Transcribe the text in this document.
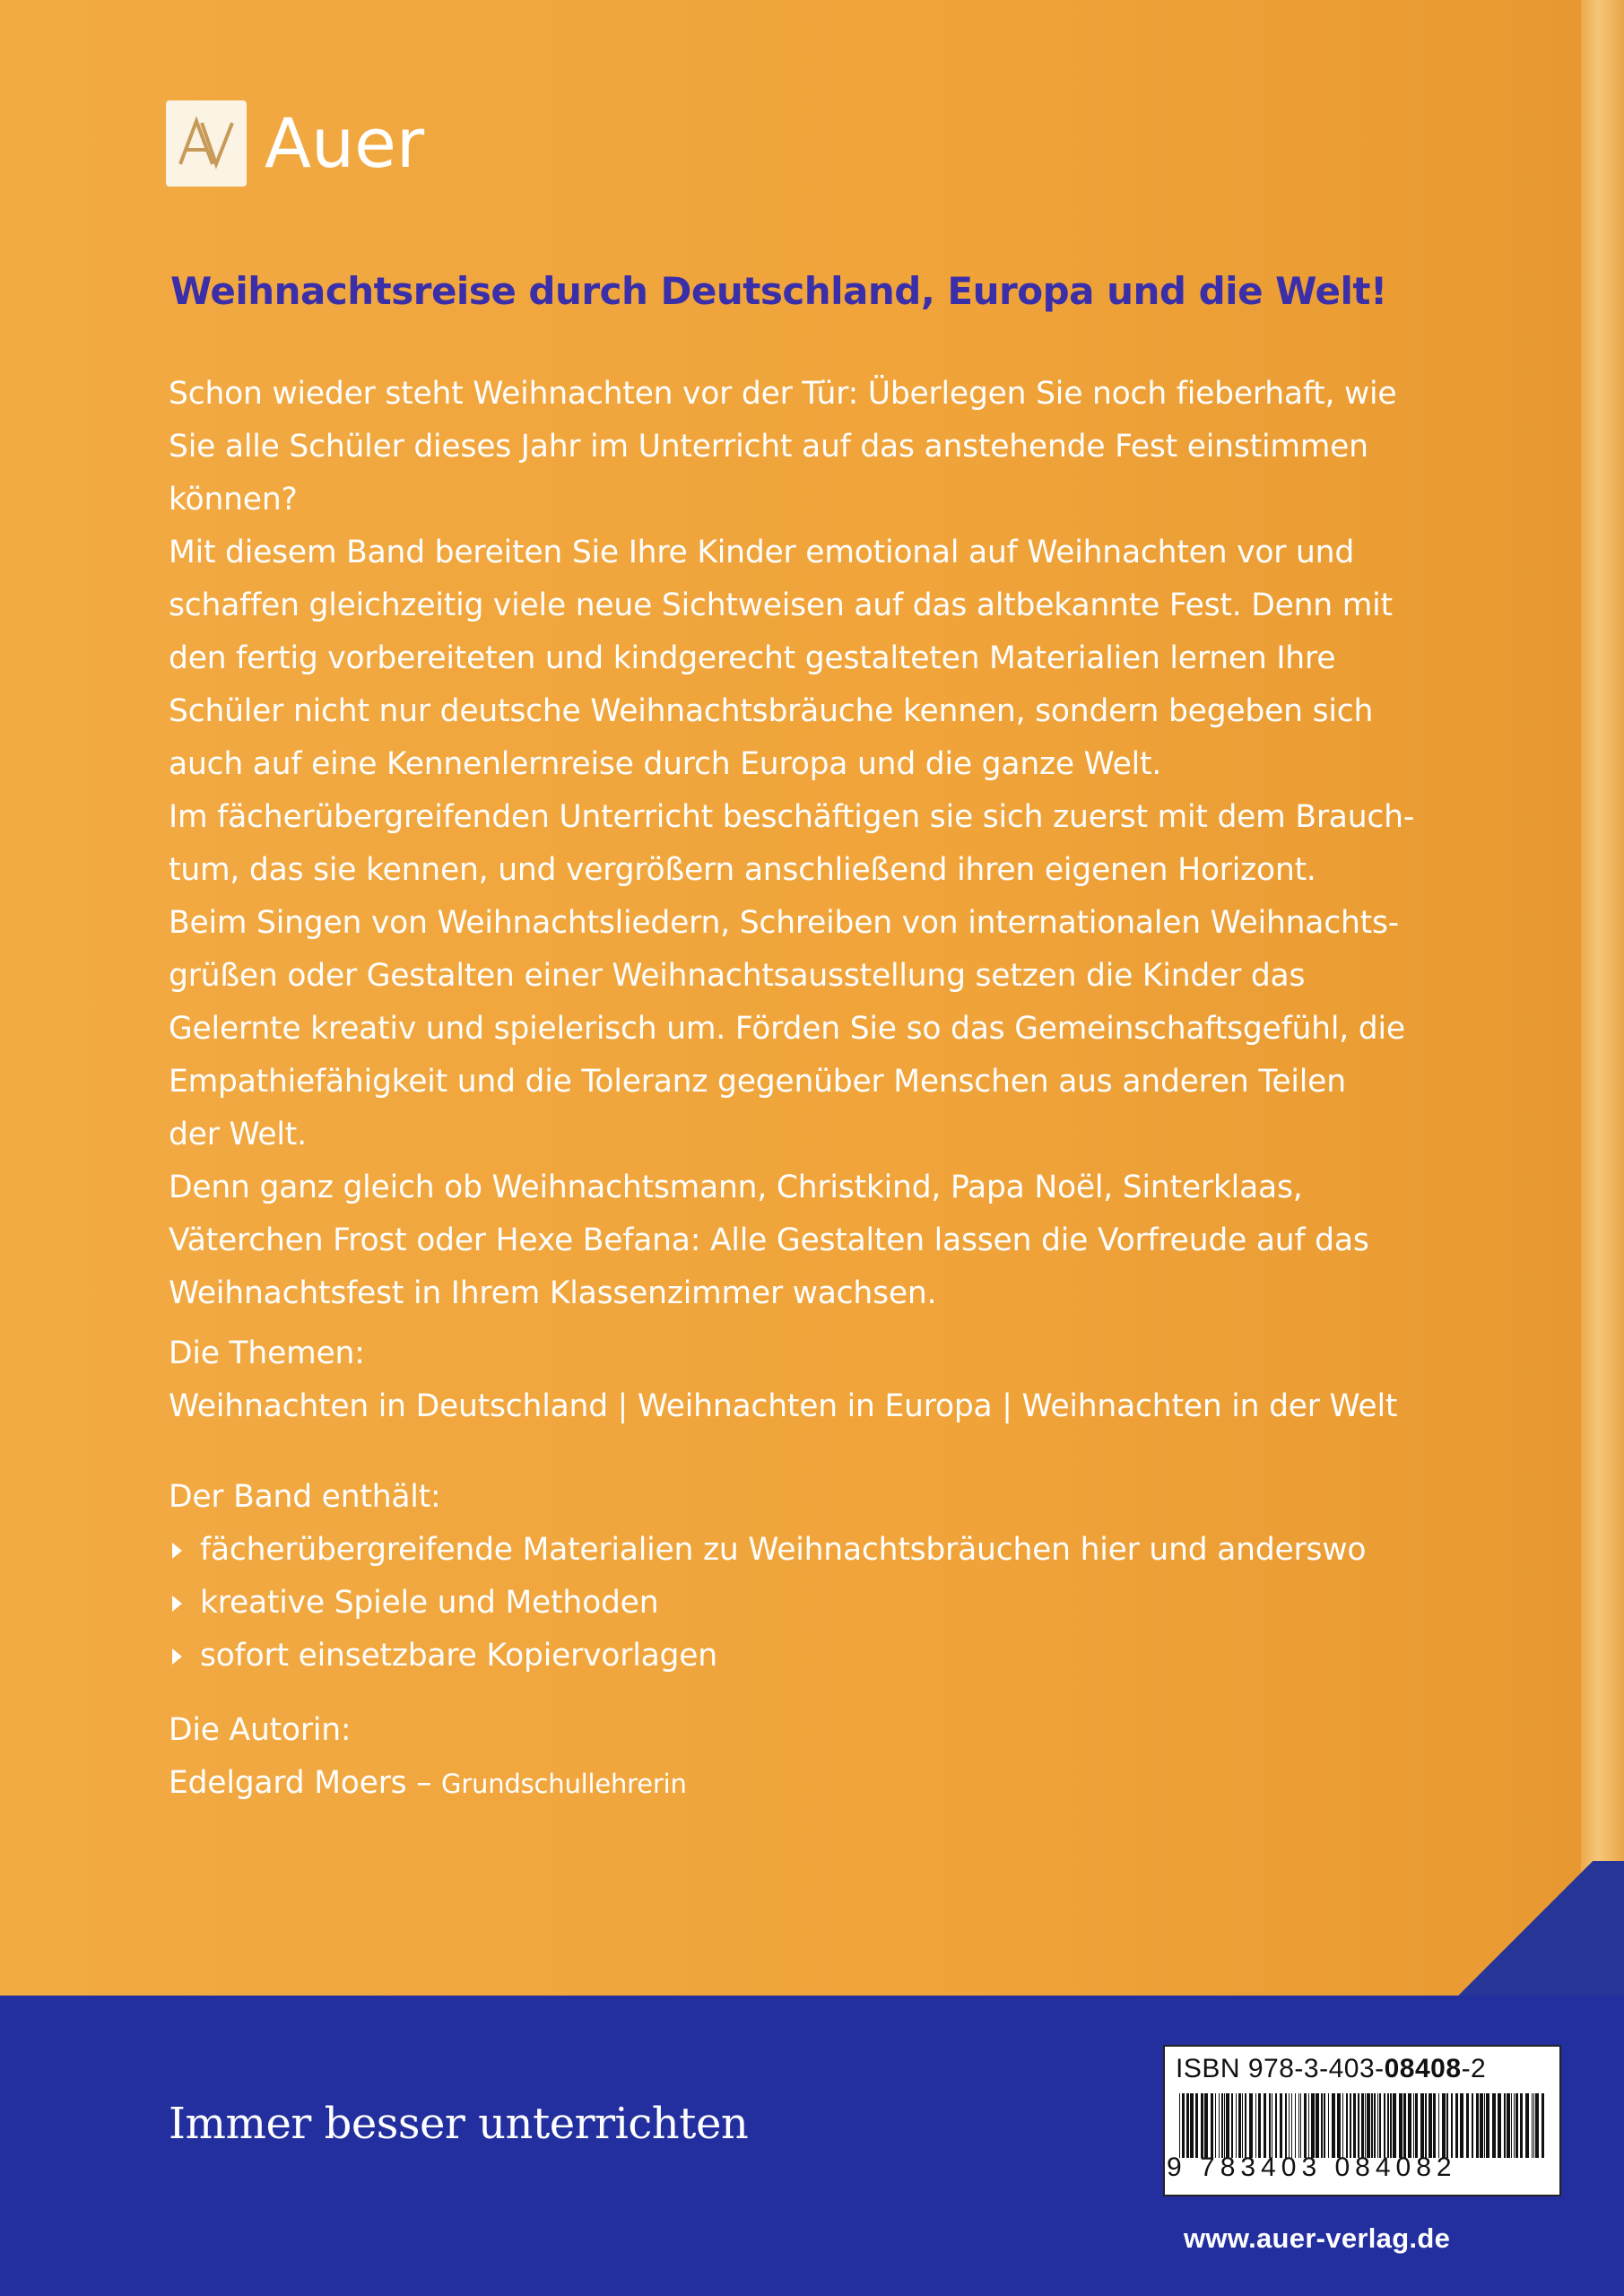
Auer
Weihnachtsreise durch Deutschland, Europa und die Welt!

Schon wieder steht Weihnachten vor der Tür: Überlegen Sie noch fieberhaft, wie

Sie alle Schüler dieses Jahr im Unterricht auf das anstehende Fest einstimmen

können?

Mit diesem Band bereiten Sie Ihre Kinder emotional auf Weihnachten vor und

schaffen gleichzeitig viele neue Sichtweisen auf das altbekannte Fest. Denn mit

den fertig vorbereiteten und kindgerecht gestalteten Materialien lernen Ihre

Schüler nicht nur deutsche Weihnachtsbräuche kennen, sondern begeben sich

auch auf eine Kennenlernreise durch Europa und die ganze Welt.

Im fächerübergreifenden Unterricht beschäftigen sie sich zuerst mit dem Brauch-

tum, das sie kennen, und vergrößern anschließend ihren eigenen Horizont.

Beim Singen von Weihnachtsliedern, Schreiben von internationalen Weihnachts-

grüßen oder Gestalten einer Weihnachtsausstellung setzen die Kinder das

Gelernte kreativ und spielerisch um. Förden Sie so das Gemeinschaftsgefühl, die

Empathiefähigkeit und die Toleranz gegenüber Menschen aus anderen Teilen

der Welt.

Denn ganz gleich ob Weihnachtsmann, Christkind, Papa Noël, Sinterklaas,

Väterchen Frost oder Hexe Befana: Alle Gestalten lassen die Vorfreude auf das

Weihnachtsfest in Ihrem Klassenzimmer wachsen.

Die Themen:

Weihnachten in Deutschland | Weihnachten in Europa | Weihnachten in der Welt

Der Band enthält:

fächerübergreifende Materialien zu Weihnachtsbräuchen hier und anderswo

kreative Spiele und Methoden

sofort einsetzbare Kopiervorlagen

Die Autorin:

Edelgard Moers – Grundschullehrerin

Immer besser unterrichten
ISBN 978-3-403-08408-2
9 783403 084082
www.auer-verlag.de
